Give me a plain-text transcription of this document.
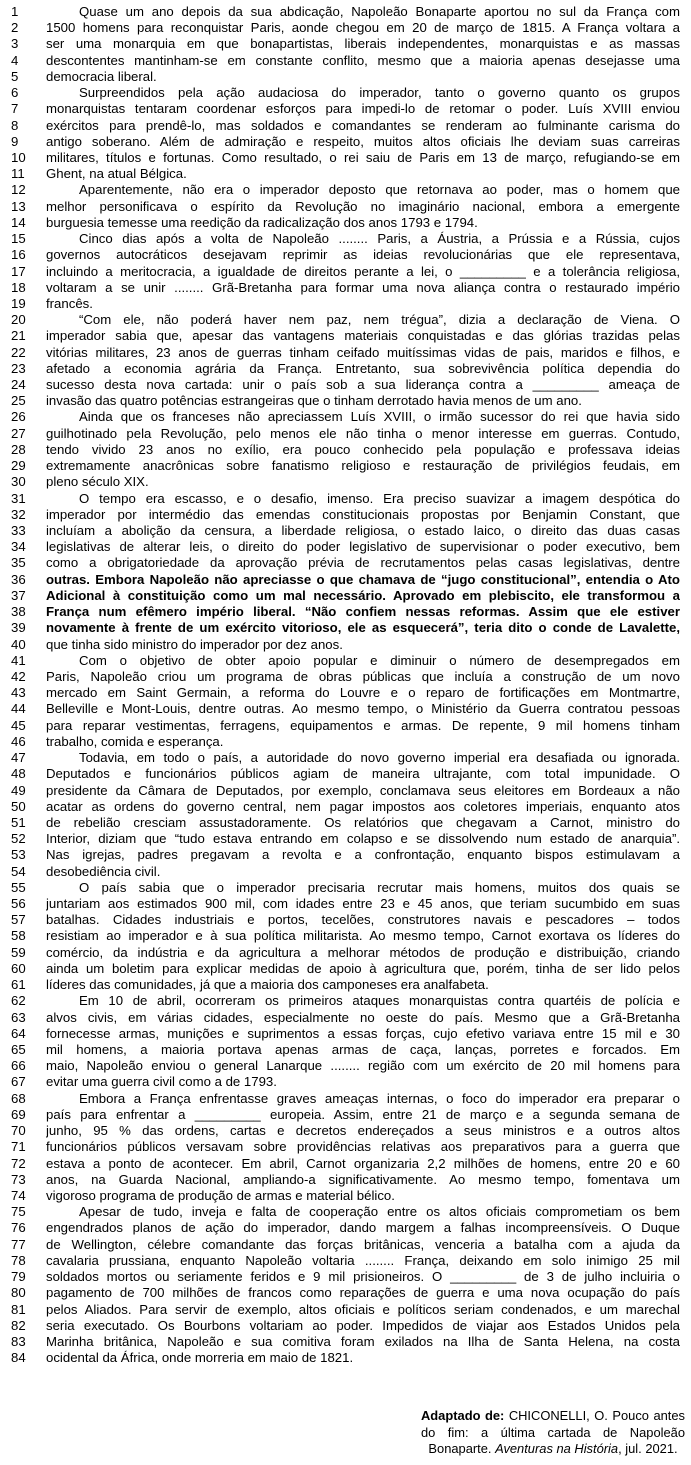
1	Quase um ano depois da sua abdicação, Napoleão Bonaparte aportou no sul da França com
2	1500 homens para reconquistar Paris, aonde chegou em 20 de março de 1815. A França voltara a
3	ser uma monarquia em que bonapartistas, liberais independentes, monarquistas e as massas
4	descontentes mantinham-se em constante conflito, mesmo que a maioria apenas desejasse uma
5	democracia liberal.
6	Surpreendidos pela ação audaciosa do imperador, tanto o governo quanto os grupos
7	monarquistas tentaram coordenar esforços para impedi-lo de retomar o poder. Luís XVIII enviou
8	exércitos para prendê-lo, mas soldados e comandantes se renderam ao fulminante carisma do
9	antigo soberano. Além de admiração e respeito, muitos altos oficiais lhe deviam suas carreiras
10	militares, títulos e fortunas. Como resultado, o rei saiu de Paris em 13 de março, refugiando-se em
11	Ghent, na atual Bélgica.
12	Aparentemente, não era o imperador deposto que retornava ao poder, mas o homem que
13	melhor personificava o espírito da Revolução no imaginário nacional, embora a emergente
14	burguesia temesse uma reedição da radicalização dos anos 1793 e 1794.
15	Cinco dias após a volta de Napoleão ........ Paris, a Áustria, a Prússia e a Rússia, cujos
16	governos autocráticos desejavam reprimir as ideias revolucionárias que ele representava,
17	incluindo a meritocracia, a igualdade de direitos perante a lei, o _________ e a tolerância religiosa,
18	voltaram a se unir ........ Grã-Bretanha para formar uma nova aliança contra o restaurado império
19	francês.
20	“Com ele, não poderá haver nem paz, nem trégua”, dizia a declaração de Viena. O
21	imperador sabia que, apesar das vantagens materiais conquistadas e das glórias trazidas pelas
22	vitórias militares, 23 anos de guerras tinham ceifado muitíssimas vidas de pais, maridos e filhos, e
23	afetado a economia agrária da França. Entretanto, sua sobrevivência política dependia do
24	sucesso desta nova cartada: unir o país sob a sua liderança contra a _________ ameaça de
25	invasão das quatro potências estrangeiras que o tinham derrotado havia menos de um ano.
26	Ainda que os franceses não apreciassem Luís XVIII, o irmão sucessor do rei que havia sido
27	guilhotinado pela Revolução, pelo menos ele não tinha o menor interesse em guerras. Contudo,
28	tendo vivido 23 anos no exílio, era pouco conhecido pela população e professava ideias
29	extremamente anacrônicas sobre fanatismo religioso e restauração de privilégios feudais, em
30	pleno século XIX.
31	O tempo era escasso, e o desafio, imenso. Era preciso suavizar a imagem despótica do
32	imperador por intermédio das emendas constitucionais propostas por Benjamin Constant, que
33	incluíam a abolição da censura, a liberdade religiosa, o estado laico, o direito das duas casas
34	legislativas de alterar leis, o direito do poder legislativo de supervisionar o poder executivo, bem
35	como a obrigatoriedade da aprovação prévia de recrutamentos pelas casas legislativas, dentre
36	outras. Embora Napoleão não apreciasse o que chamava de “jugo constitucional”, entendia o Ato
37	Adicional à constituição como um mal necessário. Aprovado em plebiscito, ele transformou a
38	França num efêmero império liberal. “Não confiem nessas reformas. Assim que ele estiver
39	novamente à frente de um exército vitorioso, ele as esquecerá”, teria dito o conde de Lavalette,
40	que tinha sido ministro do imperador por dez anos.
41	Com o objetivo de obter apoio popular e diminuir o número de desempregados em
42	Paris, Napoleão criou um programa de obras públicas que incluía a construção de um novo
43	mercado em Saint Germain, a reforma do Louvre e o reparo de fortificações em Montmartre,
44	Belleville e Mont-Louis, dentre outras. Ao mesmo tempo, o Ministério da Guerra contratou pessoas
45	para reparar vestimentas, ferragens, equipamentos e armas. De repente, 9 mil homens tinham
46	trabalho, comida e esperança.
47	Todavia, em todo o país, a autoridade do novo governo imperial era desafiada ou ignorada.
48	Deputados e funcionários públicos agiam de maneira ultrajante, com total impunidade. O
49	presidente da Câmara de Deputados, por exemplo, conclamava seus eleitores em Bordeaux a não
50	acatar as ordens do governo central, nem pagar impostos aos coletores imperiais, enquanto atos
51	de rebelião cresciam assustadoramente. Os relatórios que chegavam a Carnot, ministro do
52	Interior, diziam que “tudo estava entrando em colapso e se dissolvendo num estado de anarquia”.
53	Nas igrejas, padres pregavam a revolta e a confrontação, enquanto bispos estimulavam a
54	desobediência civil.
55	O país sabia que o imperador precisaria recrutar mais homens, muitos dos quais se
56	juntariam aos estimados 900 mil, com idades entre 23 e 45 anos, que teriam sucumbido em suas
57	batalhas. Cidades industriais e portos, tecelões, construtores navais e pescadores – todos
58	resistiam ao imperador e à sua política militarista. Ao mesmo tempo, Carnot exortava os líderes do
59	comércio, da indústria e da agricultura a melhorar métodos de produção e distribuição, criando
60	ainda um boletim para explicar medidas de apoio à agricultura que, porém, tinha de ser lido pelos
61	líderes das comunidades, já que a maioria dos camponeses era analfabeta.
62	Em 10 de abril, ocorreram os primeiros ataques monarquistas contra quartéis de polícia e
63	alvos civis, em várias cidades, especialmente no oeste do país. Mesmo que a Grã-Bretanha
64	fornecesse armas, munições e suprimentos a essas forças, cujo efetivo variava entre 15 mil e 30
65	mil homens, a maioria portava apenas armas de caça, lanças, porretes e forcados. Em
66	maio, Napoleão enviou o general Lanarque ........ região com um exército de 20 mil homens para
67	evitar uma guerra civil como a de 1793.
68	Embora a França enfrentasse graves ameaças internas, o foco do imperador era preparar o
69	país para enfrentar a _________ europeia. Assim, entre 21 de março e a segunda semana de
70	junho, 95 % das ordens, cartas e decretos endereçados a seus ministros e a outros altos
71	funcionários públicos versavam sobre providências relativas aos preparativos para a guerra que
72	estava a ponto de acontecer. Em abril, Carnot organizaria 2,2 milhões de homens, entre 20 e 60
73	anos, na Guarda Nacional, ampliando-a significativamente. Ao mesmo tempo, fomentava um
74	vigoroso programa de produção de armas e material bélico.
75	Apesar de tudo, inveja e falta de cooperação entre os altos oficiais comprometiam os bem
76	engendrados planos de ação do imperador, dando margem a falhas incompreensíveis. O Duque
77	de Wellington, célebre comandante das forças britânicas, venceria a batalha com a ajuda da
78	cavalaria prussiana, enquanto Napoleão voltaria ........ França, deixando em solo inimigo 25 mil
79	soldados mortos ou seriamente feridos e 9 mil prisioneiros. O _________ de 3 de julho incluiria o
80	pagamento de 700 milhões de francos como reparações de guerra e uma nova ocupação do país
81	pelos Aliados. Para servir de exemplo, altos oficiais e políticos seriam condenados, e um marechal
82	seria executado. Os Bourbons voltariam ao poder. Impedidos de viajar aos Estados Unidos pela
83	Marinha britânica, Napoleão e sua comitiva foram exilados na Ilha de Santa Helena, na costa
84	ocidental da África, onde morreria em maio de 1821.
Adaptado de: CHICONELLI, O. Pouco antes do fim: a última cartada de Napoleão Bonaparte. Aventuras na História, jul. 2021.
